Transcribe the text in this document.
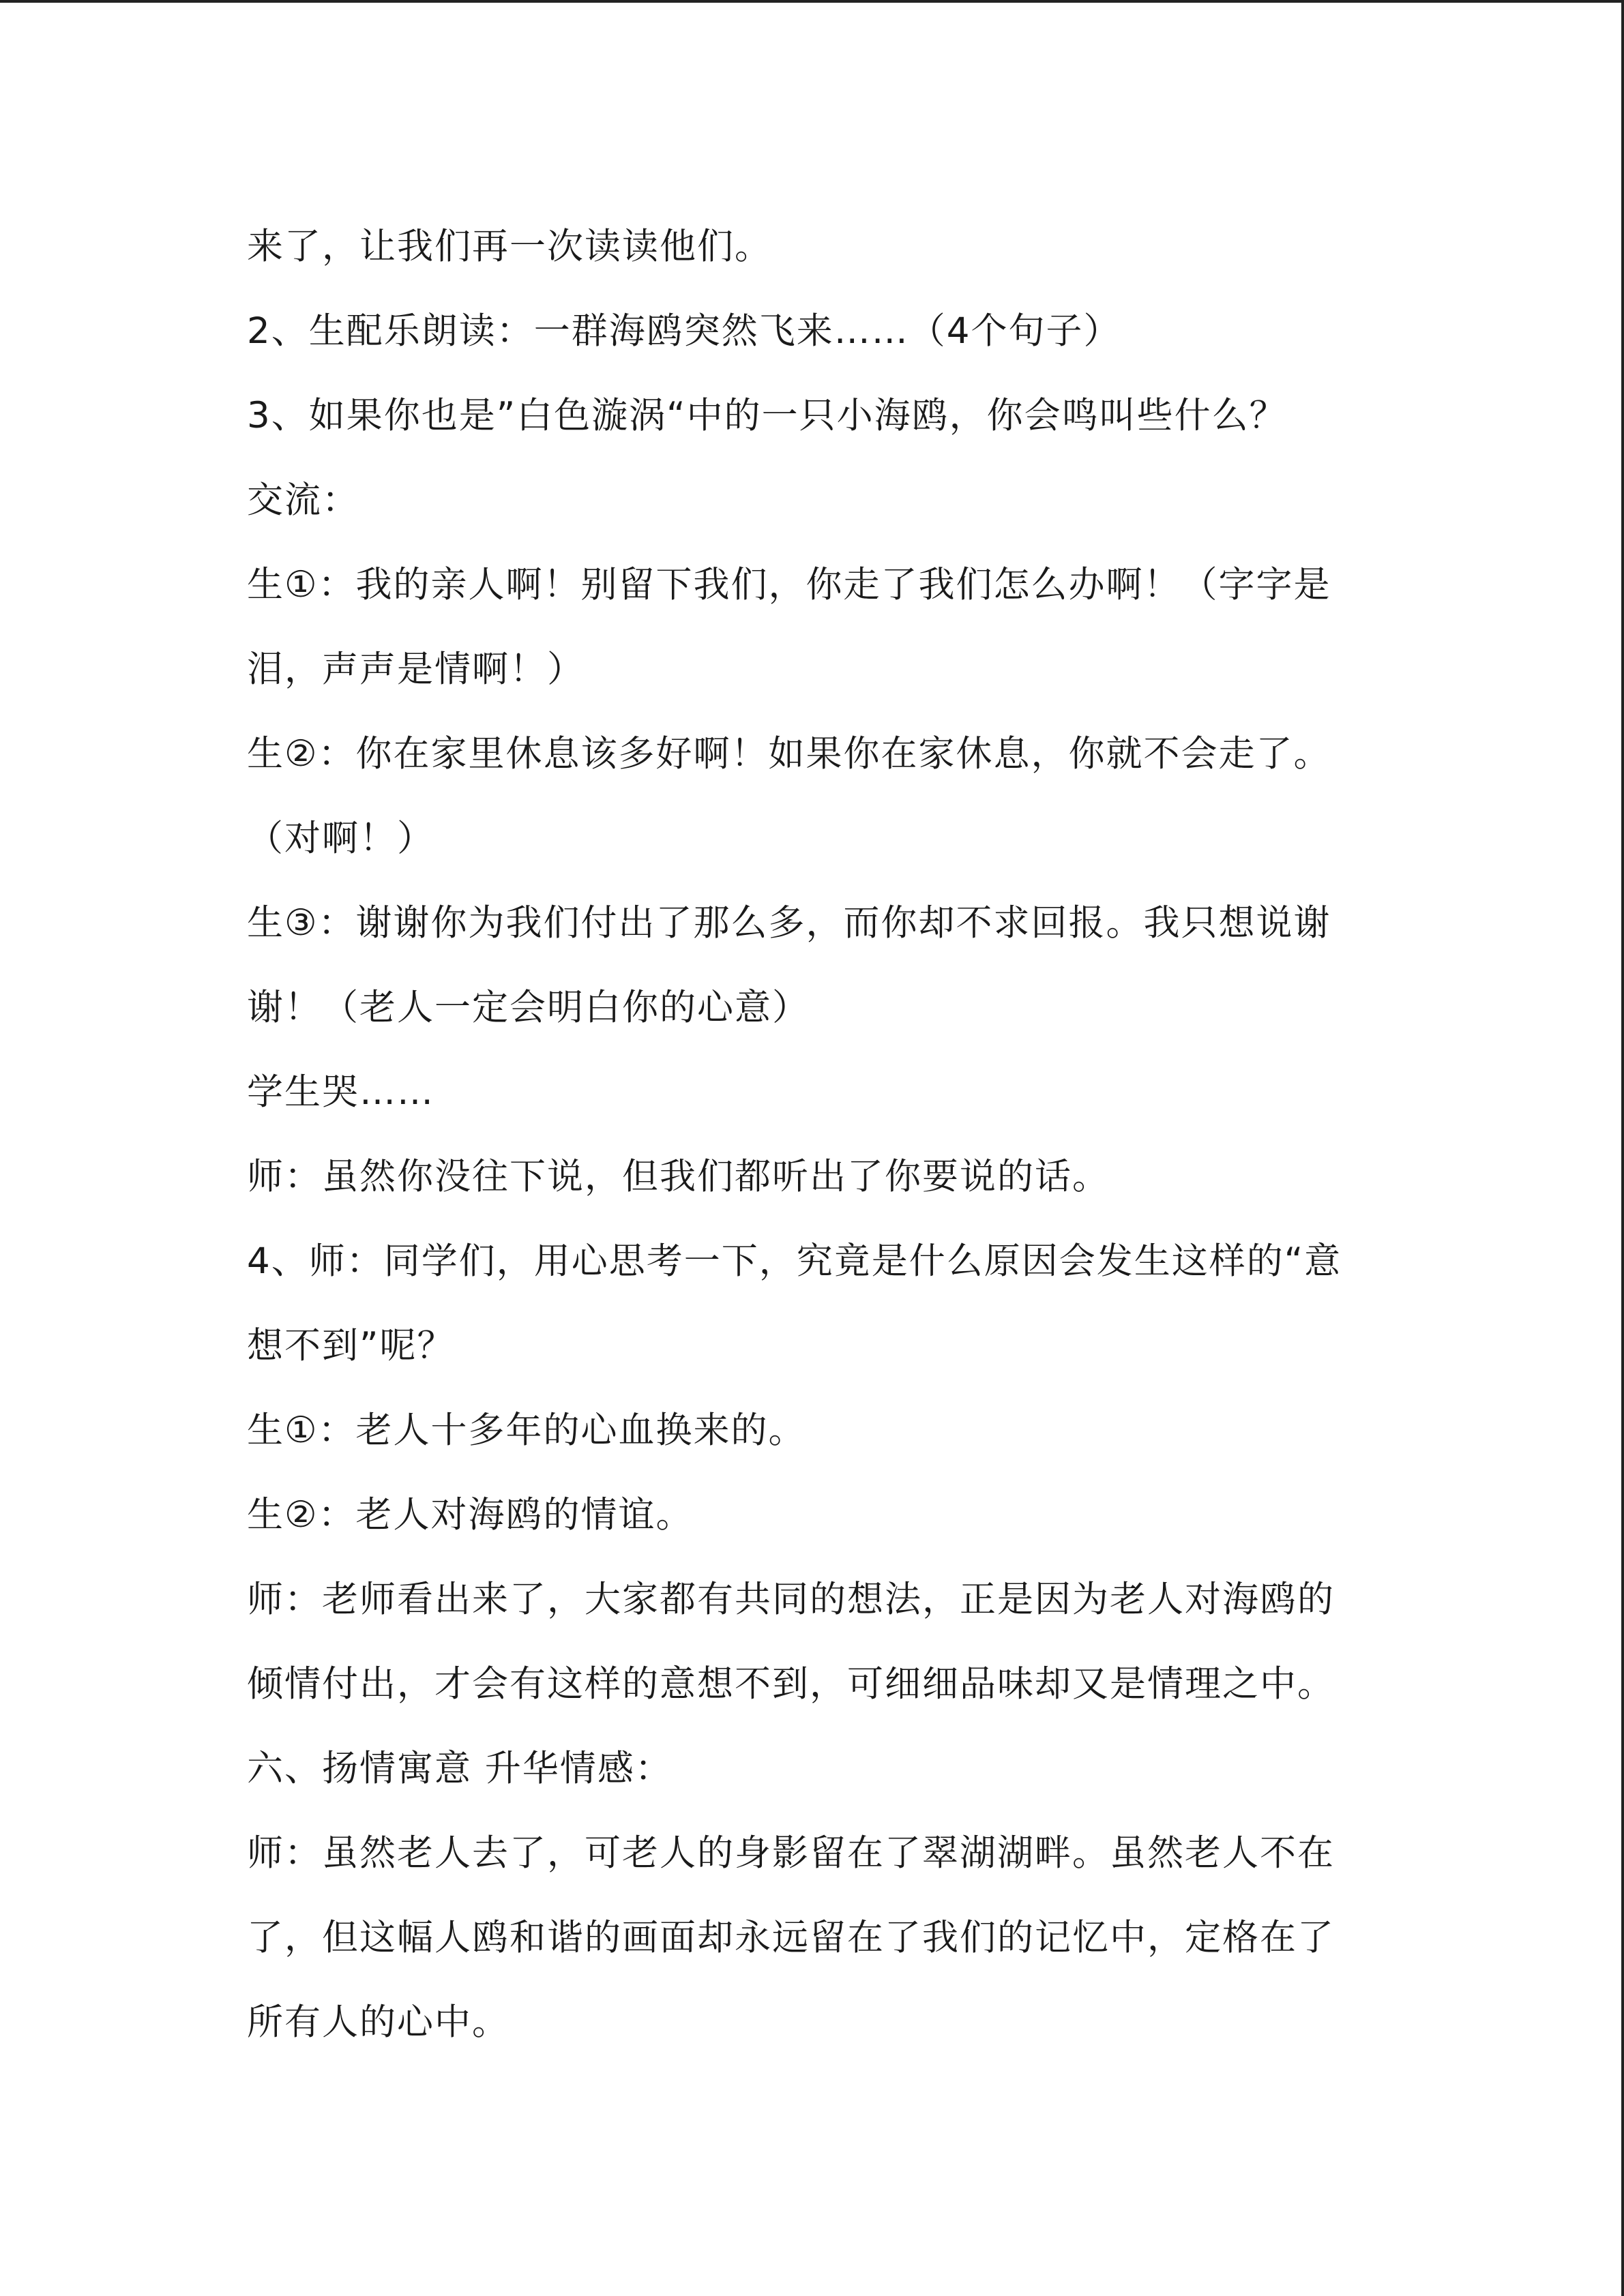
来了，让我们再一次读读他们。
2、生配乐朗读：一群海鸥突然飞来……（4个句子）
3、如果你也是”白色漩涡“中的一只小海鸥，你会鸣叫些什么？
交流：
生①：我的亲人啊！别留下我们，你走了我们怎么办啊！（字字是
泪，声声是情啊！）
生②：你在家里休息该多好啊！如果你在家休息，你就不会走了。
（对啊！）
生③：谢谢你为我们付出了那么多，而你却不求回报。我只想说谢
谢！（老人一定会明白你的心意）
学生哭……
师：虽然你没往下说，但我们都听出了你要说的话。
4、师：同学们，用心思考一下，究竟是什么原因会发生这样的“意
想不到”呢？
生①：老人十多年的心血换来的。
生②：老人对海鸥的情谊。
师：老师看出来了，大家都有共同的想法，正是因为老人对海鸥的
倾情付出，才会有这样的意想不到，可细细品味却又是情理之中。
六、扬情寓意 升华情感：
师：虽然老人去了，可老人的身影留在了翠湖湖畔。虽然老人不在
了，但这幅人鸥和谐的画面却永远留在了我们的记忆中，定格在了
所有人的心中。
